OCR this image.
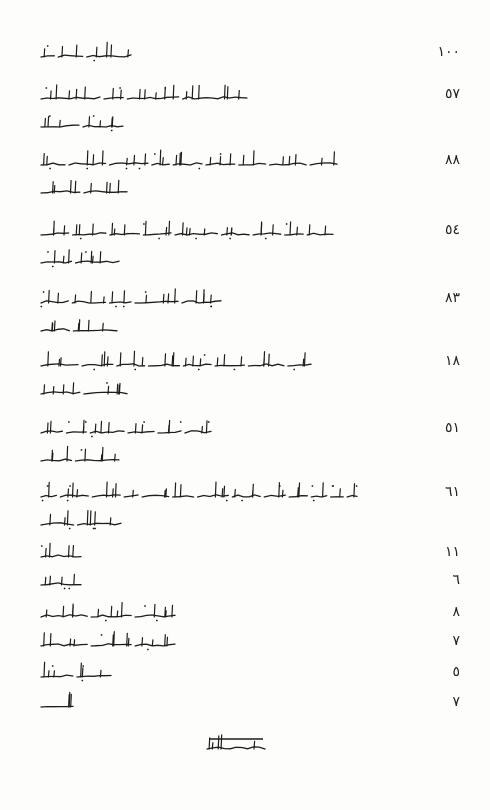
١٠٠
٥٧
٨٨
٥٤
٨٣
١٨
٥١
٦١
١١
٦
٨
٧
٥
٧
